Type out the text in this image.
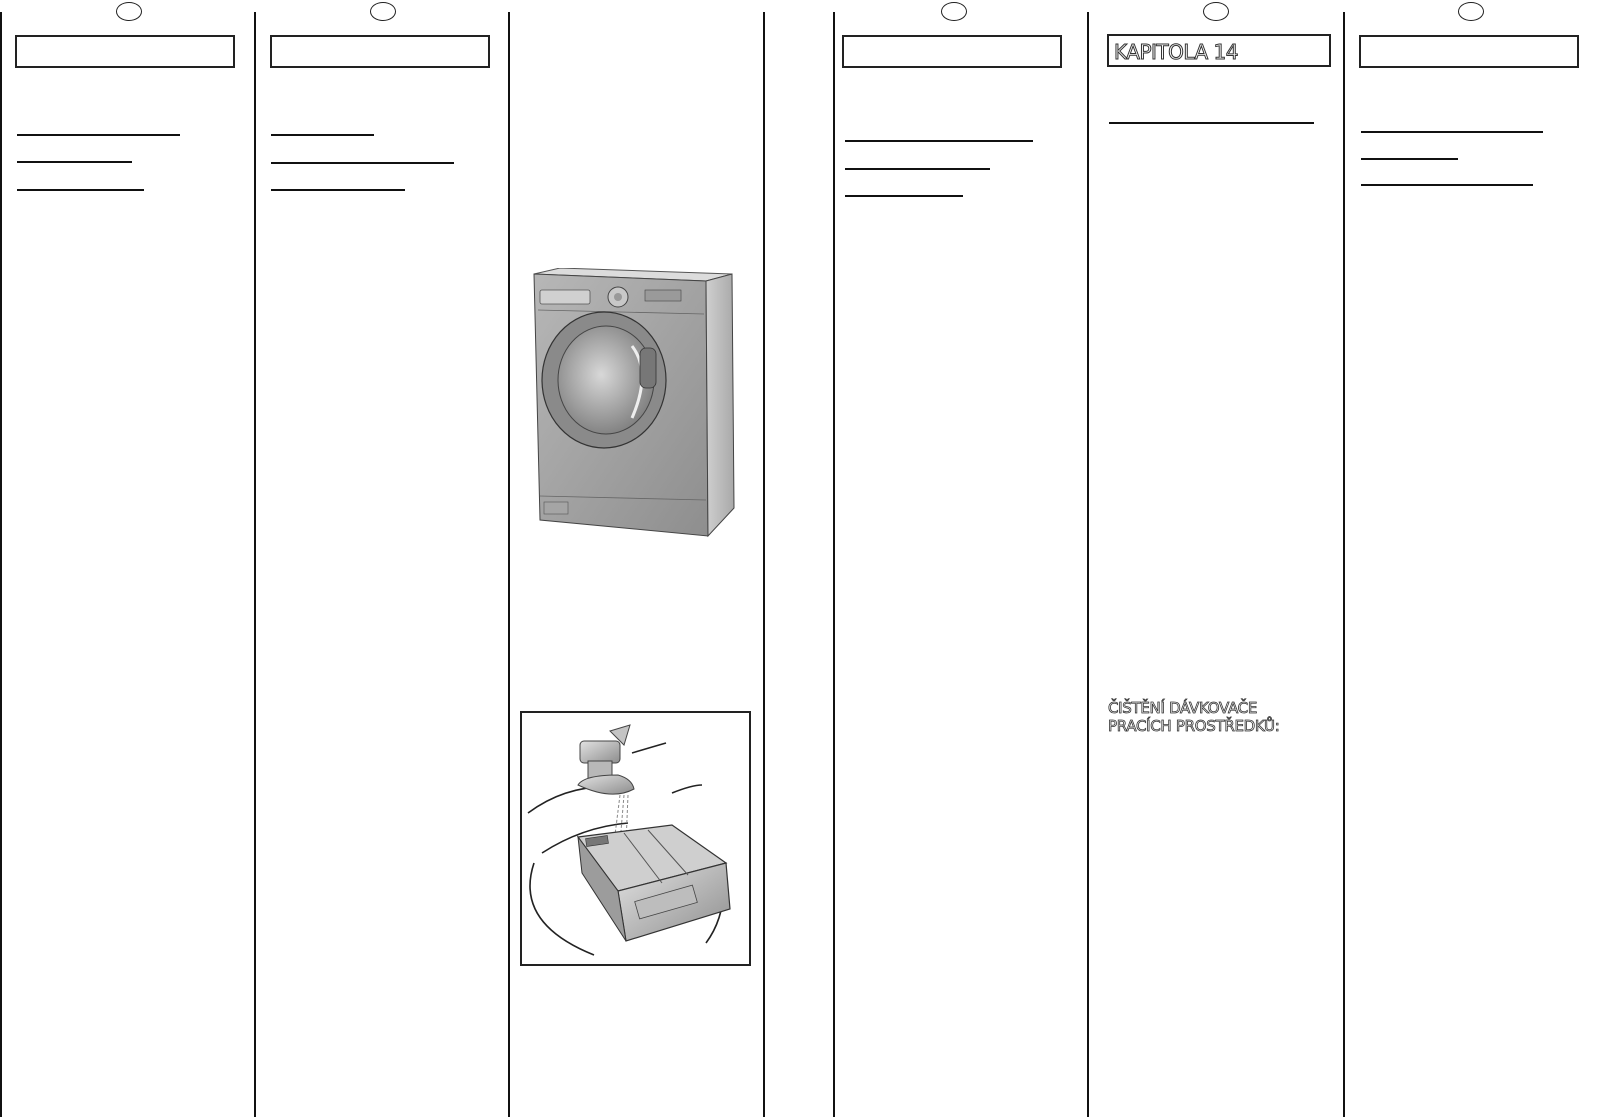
KAPITOLA 14
ČIŠTĚNÍ DÁVKOVAČE
PRACÍCH PROSTŘEDKŮ:
